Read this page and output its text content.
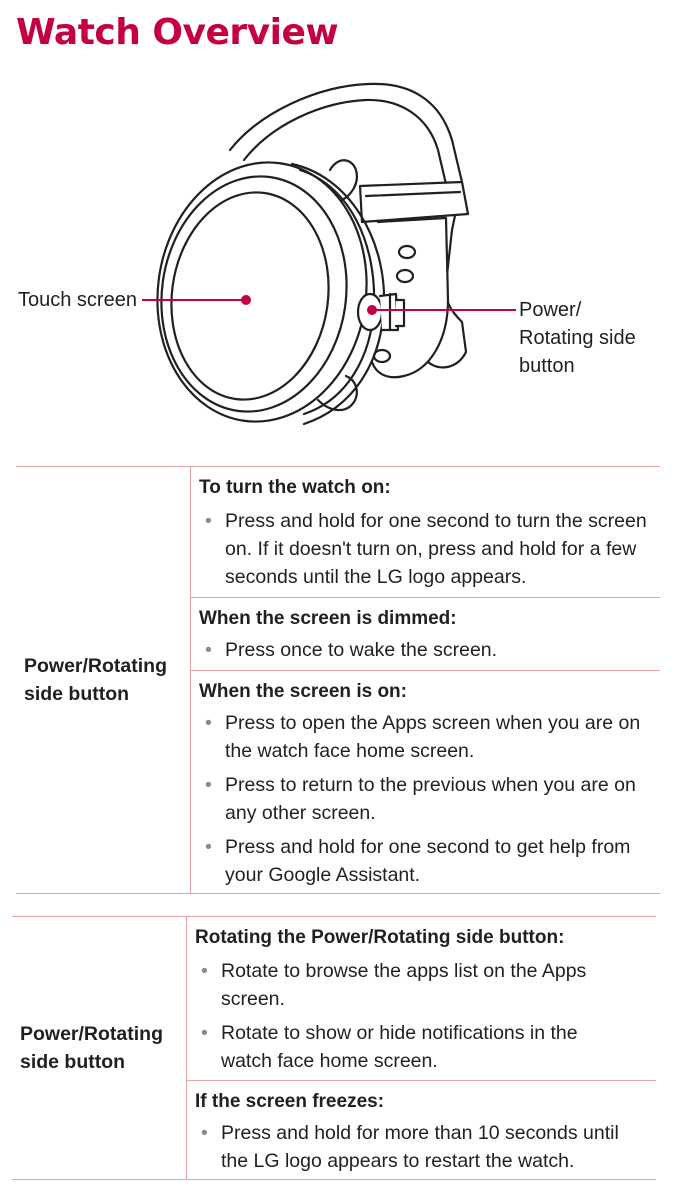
Watch Overview
Touch screen	Power/
Rotating side
button
Power/Rotating
side button
To turn the watch on:
• Press and hold for one second to turn the screen
on. If it doesn't turn on, press and hold for a few
seconds until the LG logo appears.
When the screen is dimmed:
• Press once to wake the screen.
When the screen is on:
• Press to open the Apps screen when you are on
the watch face home screen.
• Press to return to the previous when you are on
any other screen.
• Press and hold for one second to get help from
your Google Assistant.
Power/Rotating
side button
Rotating the Power/Rotating side button:
• Rotate to browse the apps list on the Apps
screen.
• Rotate to show or hide notifications in the
watch face home screen.
If the screen freezes:
• Press and hold for more than 10 seconds until
the LG logo appears to restart the watch.
